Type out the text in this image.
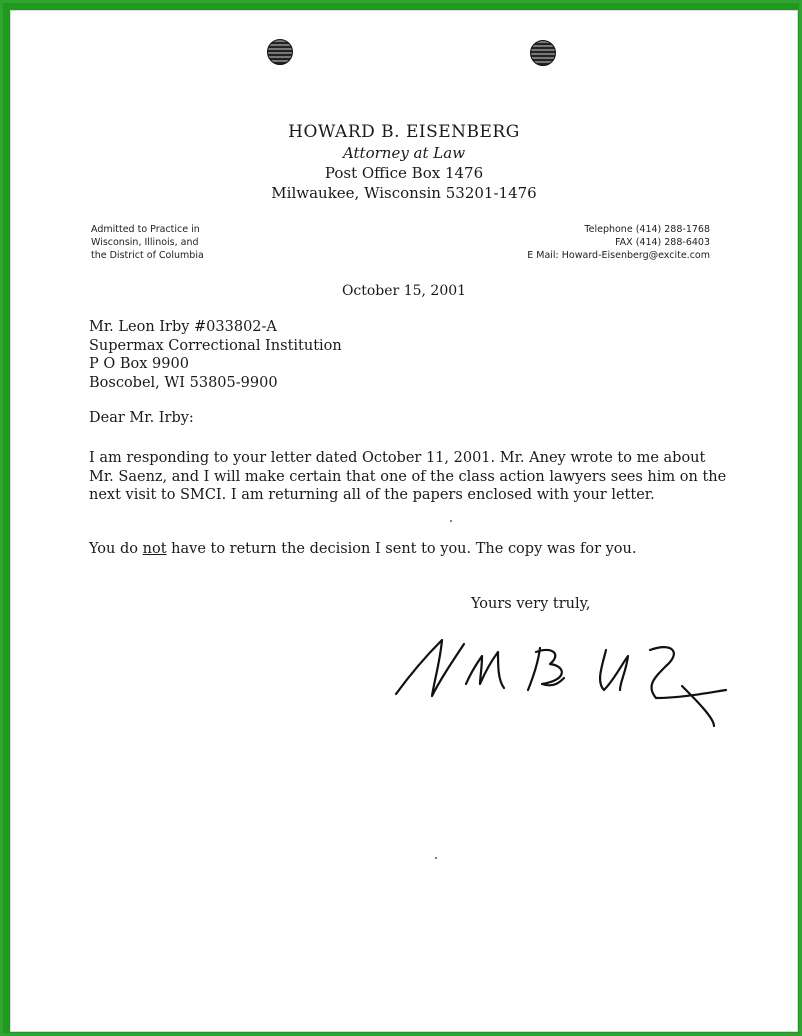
HOWARD B. EISENBERG
Attorney at Law
Post Office Box 1476
Milwaukee, Wisconsin 53201-1476
Admitted to Practice in
Wisconsin, Illinois, and
the District of Columbia
Telephone (414) 288-1768
FAX (414) 288-6403
E Mail: Howard-Eisenberg@excite.com
October 15, 2001
Mr. Leon Irby #033802-A
Supermax Correctional Institution
P O Box 9900
Boscobel, WI 53805-9900
Dear Mr. Irby:
I am responding to your letter dated October 11, 2001. Mr. Aney wrote to me about Mr. Saenz, and I will make certain that one of the class action lawyers sees him on the next visit to SMCI. I am returning all of the papers enclosed with your letter.
You do not have to return the decision I sent to you. The copy was for you.
Yours very truly,
